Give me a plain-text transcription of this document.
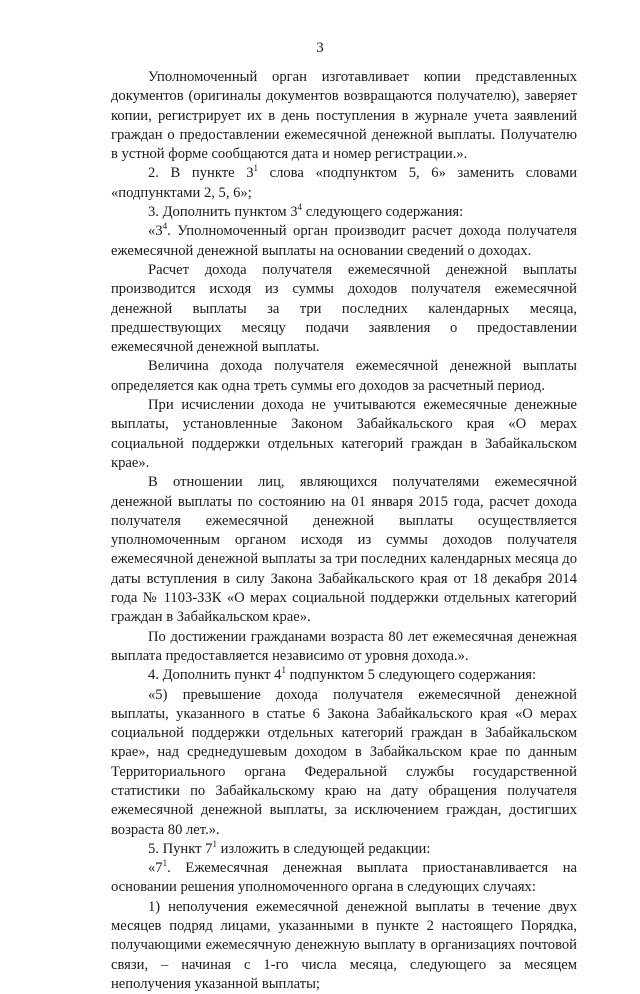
3

Уполномоченный орган изготавливает копии представленных документов (оригиналы документов возвращаются получателю), заверяет копии, регистрирует их в день поступления в журнале учета заявлений граждан о предоставлении ежемесячной денежной выплаты. Получателю в устной форме сообщаются дата и номер регистрации.».

2. В пункте $3^1$ слова «подпунктом 5, 6» заменить словами «подпунктами 2, 5, 6»;

3. Дополнить пунктом $3^4$ следующего содержания:

«$3^4$. Уполномоченный орган производит расчет дохода получателя ежемесячной денежной выплаты на основании сведений о доходах.

Расчет дохода получателя ежемесячной денежной выплаты производится исходя из суммы доходов получателя ежемесячной денежной выплаты за три последних календарных месяца, предшествующих месяцу подачи заявления о предоставлении ежемесячной денежной выплаты.

Величина дохода получателя ежемесячной денежной выплаты определяется как одна треть суммы его доходов за расчетный период.

При исчислении дохода не учитываются ежемесячные денежные выплаты, установленные Законом Забайкальского края «О мерах социальной поддержки отдельных категорий граждан в Забайкальском крае».

В отношении лиц, являющихся получателями ежемесячной денежной выплаты по состоянию на 01 января 2015 года, расчет дохода получателя ежемесячной денежной выплаты осуществляется уполномоченным органом исходя из суммы доходов получателя ежемесячной денежной выплаты за три последних календарных месяца до даты вступления в силу Закона Забайкальского края от 18 декабря 2014 года № 1103-ЗЗК «О мерах социальной поддержки отдельных категорий граждан в Забайкальском крае».

По достижении гражданами возраста 80 лет ежемесячная денежная выплата предоставляется независимо от уровня дохода.».

4. Дополнить пункт $4^1$ подпунктом 5 следующего содержания:

«5) превышение дохода получателя ежемесячной денежной выплаты, указанного в статье 6 Закона Забайкальского края «О мерах социальной поддержки отдельных категорий граждан в Забайкальском крае», над среднедушевым доходом в Забайкальском крае по данным Территориального органа Федеральной службы государственной статистики по Забайкальскому краю на дату обращения получателя ежемесячной денежной выплаты, за исключением граждан, достигших возраста 80 лет.».

5. Пункт $7^1$ изложить в следующей редакции:

«$7^1$. Ежемесячная денежная выплата приостанавливается на основании решения уполномоченного органа в следующих случаях:

1) неполучения ежемесячной денежной выплаты в течение двух месяцев подряд лицами, указанными в пункте 2 настоящего Порядка, получающими ежемесячную денежную выплату в организациях почтовой связи, – начиная с 1-го числа месяца, следующего за месяцем неполучения указанной выплаты;
